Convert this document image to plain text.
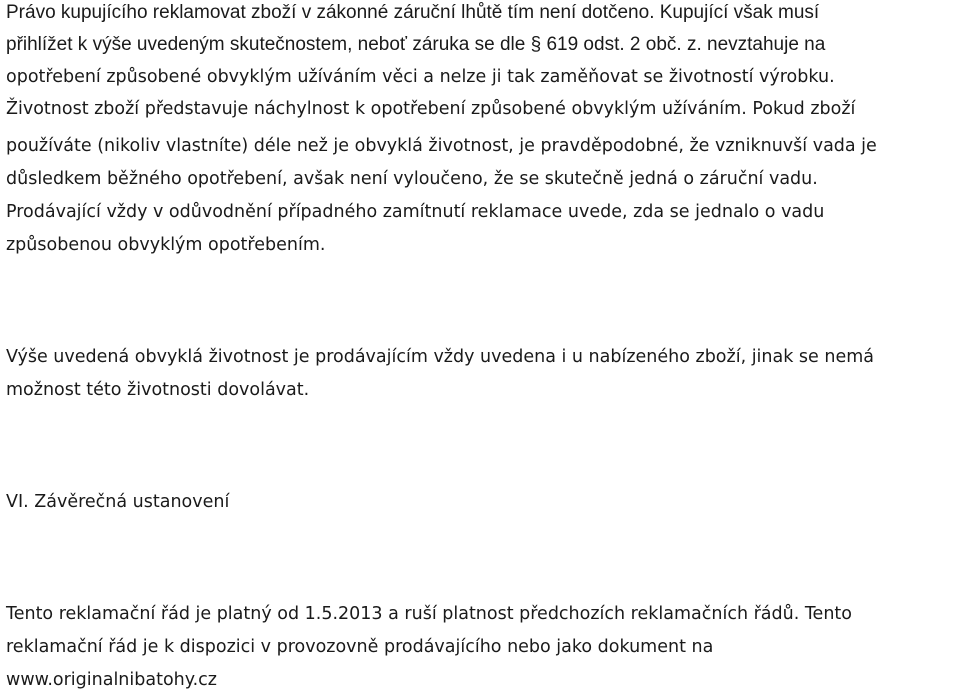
Právo kupujícího reklamovat zboží v zákonné záruční lhůtě tím není dotčeno. Kupující však musí
přihlížet k výše uvedeným skutečnostem, neboť záruka se dle § 619 odst. 2 obč. z. nevztahuje na
opotřebení způsobené obvyklým užíváním věci a nelze ji tak zaměňovat se životností výrobku.
Životnost zboží představuje náchylnost k opotřebení způsobené obvyklým užíváním. Pokud zboží
používáte (nikoliv vlastníte) déle než je obvyklá životnost, je pravděpodobné, že vzniknuvší vada je
důsledkem běžného opotřebení, avšak není vyloučeno, že se skutečně jedná o záruční vadu.
Prodávající vždy v odůvodnění případného zamítnutí reklamace uvede, zda se jednalo o vadu
způsobenou obvyklým opotřebením.
Výše uvedená obvyklá životnost je prodávajícím vždy uvedena i u nabízeného zboží, jinak se nemá
možnost této životnosti dovolávat.
VI. Závěrečná ustanovení
Tento reklamační řád je platný od 1.5.2013 a ruší platnost předchozích reklamačních řádů. Tento
reklamační řád je k dispozici v provozovně prodávajícího nebo jako dokument na
www.originalnibatohy.cz
